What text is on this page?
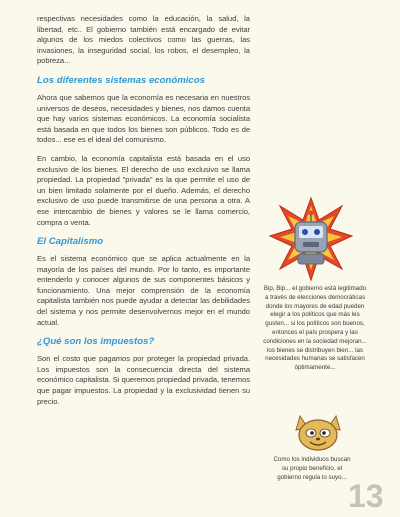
respectivas necesidades como la educación, la salud, la libertad, etc.. El gobierno también está encargado de evitar algunos de los miedos colectivos como las guerras, las invasiones, la inseguridad social, los robos, el desempleo, la pobreza...

Los diferentes sistemas económicos

Ahora que sabemos que la economía es necesaria en nuestros universos de deseos, necesidades y bienes, nos damos cuenta que hay varios sistemas económicos. La economía socialista está basada en que todos los bienes son públicos. Todo es de todos... ese es el ideal del comunismo.

En cambio, la economía capitalista está basada en el uso exclusivo de los bienes. El derecho de uso exclusivo se llama propiedad. La propiedad "privada" es la que permite el uso de un bien limitado solamente por el dueño. Además, el derecho exclusivo de uso puede transmitirse de una persona a otra. A ese intercambio de bienes y valores se le llama comercio, compra o venta.

El Capitalismo

Es el sistema económico que se aplica actualmente en la mayoría de los países del mundo. Por lo tanto, es importante entenderlo y conocer algunos de sus componentes básicos y funcionamiento. Una mejor comprensión de la economía capitalista también nos puede ayudar a detectar las debilidades del sistema y nos permite desenvolvernos mejor en el mundo actual.

¿Qué son los impuestos?

Son el costo que pagamos por proteger la propiedad privada. Los impuestos son la consecuencia directa del sistema económico capitalista. Si queremos propiedad privada, tenemos que pagar impuestos. La propiedad y la exclusividad tienen su precio.

Bip, Bip... el gobierno está legitimado a través de elecciones democráticas donde los mayores de edad pueden elegir a los políticos que más les gusten... si los políticos son buenos, entonces el país prospera y las condiciones en la sociedad mejoran... los bienes se distribuyen bien... las necesidades humanas se satisfacen óptimamente...
Como los individuos buscan su propio beneficio, el gobierno regula lo suyo...
13
